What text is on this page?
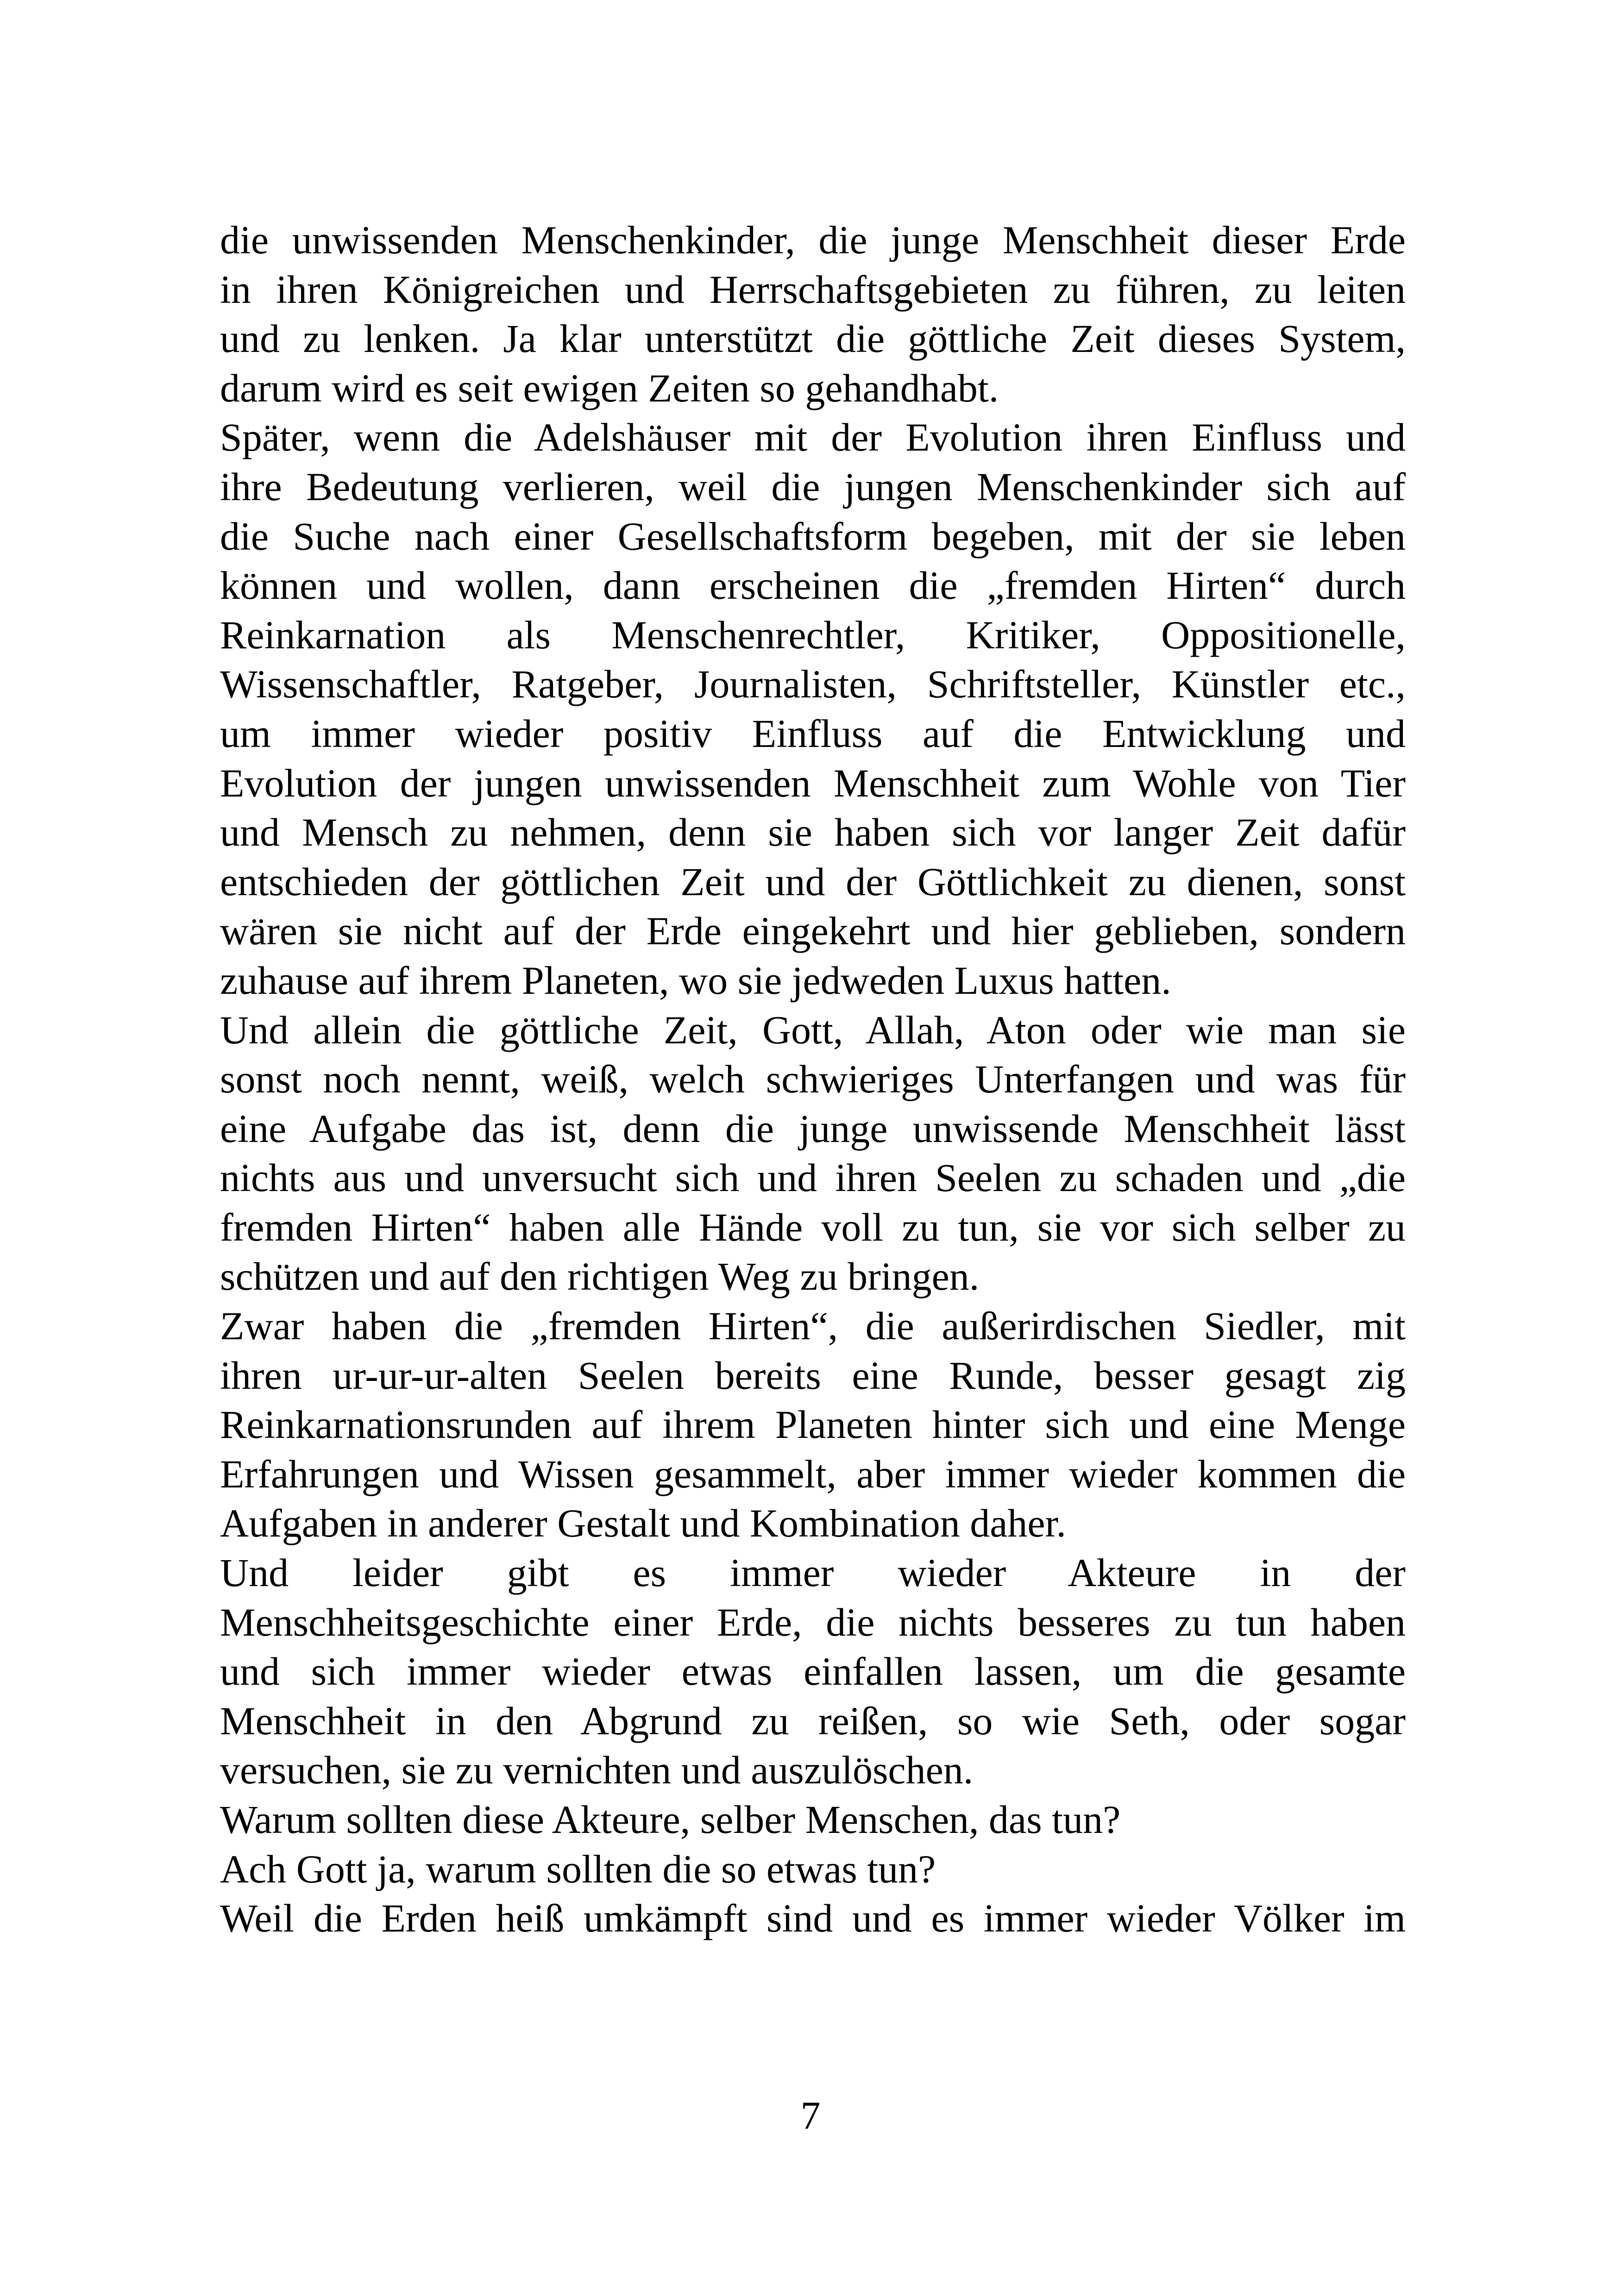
die unwissenden Menschenkinder, die junge Menschheit dieser Erde
in ihren Königreichen und Herrschaftsgebieten zu führen, zu leiten
und zu lenken. Ja klar unterstützt die göttliche Zeit dieses System,
darum wird es seit ewigen Zeiten so gehandhabt.
Später, wenn die Adelshäuser mit der Evolution ihren Einfluss und
ihre Bedeutung verlieren, weil die jungen Menschenkinder sich auf
die Suche nach einer Gesellschaftsform begeben, mit der sie leben
können und wollen, dann erscheinen die „fremden Hirten“ durch
Reinkarnation als Menschenrechtler, Kritiker, Oppositionelle,
Wissenschaftler, Ratgeber, Journalisten, Schriftsteller, Künstler etc.,
um immer wieder positiv Einfluss auf die Entwicklung und
Evolution der jungen unwissenden Menschheit zum Wohle von Tier
und Mensch zu nehmen, denn sie haben sich vor langer Zeit dafür
entschieden der göttlichen Zeit und der Göttlichkeit zu dienen, sonst
wären sie nicht auf der Erde eingekehrt und hier geblieben, sondern
zuhause auf ihrem Planeten, wo sie jedweden Luxus hatten.
Und allein die göttliche Zeit, Gott, Allah, Aton oder wie man sie
sonst noch nennt, weiß, welch schwieriges Unterfangen und was für
eine Aufgabe das ist, denn die junge unwissende Menschheit lässt
nichts aus und unversucht sich und ihren Seelen zu schaden und „die
fremden Hirten“ haben alle Hände voll zu tun, sie vor sich selber zu
schützen und auf den richtigen Weg zu bringen.
Zwar haben die „fremden Hirten“, die außerirdischen Siedler, mit
ihren ur-ur-ur-alten Seelen bereits eine Runde, besser gesagt zig
Reinkarnationsrunden auf ihrem Planeten hinter sich und eine Menge
Erfahrungen und Wissen gesammelt, aber immer wieder kommen die
Aufgaben in anderer Gestalt und Kombination daher.
Und leider gibt es immer wieder Akteure in der
Menschheitsgeschichte einer Erde, die nichts besseres zu tun haben
und sich immer wieder etwas einfallen lassen, um die gesamte
Menschheit in den Abgrund zu reißen, so wie Seth, oder sogar
versuchen, sie zu vernichten und auszulöschen.
Warum sollten diese Akteure, selber Menschen, das tun?
Ach Gott ja, warum sollten die so etwas tun?
Weil die Erden heiß umkämpft sind und es immer wieder Völker im
7
